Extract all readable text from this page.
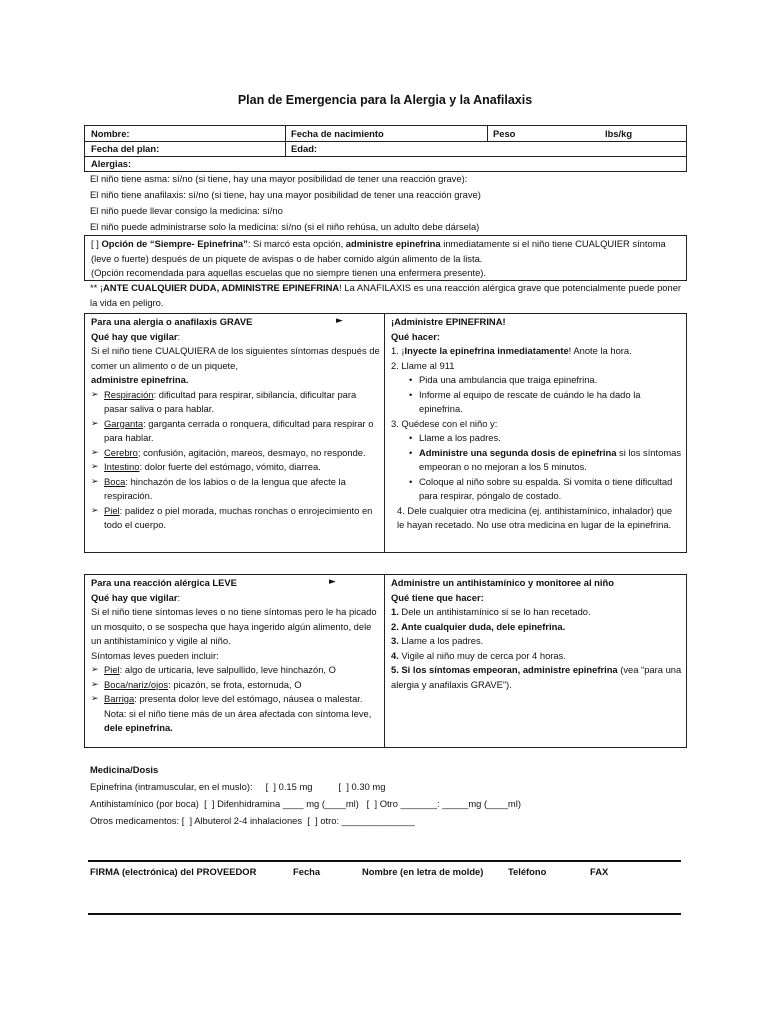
Plan de Emergencia para la Alergia y la Anafilaxis
Nombre:	Fecha de nacimiento	Peso	lbs/kg
Fecha del plan:	Edad:
Alergias:
El niño tiene asma: sí/no (si tiene, hay una mayor posibilidad de tener una reacción grave):
El niño tiene anafilaxis: sí/no (si tiene, hay una mayor posibilidad de tener una reacción grave)
El niño puede llevar consigo la medicina: sí/no
El niño puede administrarse solo la medicina: sí/no (si el niño rehúsa, un adulto debe dársela)
[ ] Opción de “Siempre- Epinefrina”: Si marcó esta opción, administre epinefrina inmediatamente si el niño tiene CUALQUIER síntoma (leve o fuerte) después de un piquete de avispas o de haber comido algún alimento de la lista.
(Opción recomendada para aquellas escuelas que no siempre tienen una enfermera presente).
** ¡ANTE CUALQUIER DUDA, ADMINISTRE EPINEFRINA! La ANAFILAXIS es una reacción alérgica grave que potencialmente puede poner la vida en peligro.

Para una alergia o anafilaxis GRAVE

Qué hay que vigilar:

Si el niño tiene CUALQUIERA de los siguientes síntomas después de comer un alimento o de un piquete,

administre epinefrina.

➢ Respiración: dificultad para respirar, sibilancia, dificultar para pasar saliva o para hablar.
➢ Garganta: garganta cerrada o ronquera, dificultad para respirar o para hablar.
➢ Cerebro; confusión, agitación, mareos, desmayo, no responde.
➢ Intestino: dolor fuerte del estómago, vómito, diarrea.
➢ Boca: hinchazón de los labios o de la lengua que afecte la respiración.
➢ Piel: palidez o piel morada, muchas ronchas o enrojecimiento en todo el cuerpo.
►	¡Administre EPINEFRINA!

Qué hacer:

1. ¡Inyecte la epinefrina inmediatamente! Anote la hora.

2. Llame al 911

• Pida una ambulancia que traiga epinefrina.
• Informe al equipo de rescate de cuándo le ha dado la epinefrina.

3. Quédese con el niño y:

• Llame a los padres.
• Administre una segunda dosis de epinefrina si los síntomas empeoran o no mejoran a los 5 minutos.
• Coloque al niño sobre su espalda. Si vomita o tiene dificultad para respirar, póngalo de costado.

4. Dele cualquier otra medicina (ej. antihistamínico, inhalador) que le hayan recetado. No use otra medicina en lugar de la epinefrina.

Para una reacción alérgica LEVE

Qué hay que vigilar:

Si el niño tiene síntomas leves o no tiene síntomas pero le ha picado un mosquito, o se sospecha que haya ingerido algún alimento, dele un antihistamínico y vigile al niño.

Síntomas leves pueden incluir:

➢ Piel: algo de urticaria, leve salpullido, leve hinchazón, O
➢ Boca/nariz/ojos: picazón, se frota, estornuda, O
➢ Barriga: presenta dolor leve del estómago, náusea o malestar.

Nota: si el niño tiene más de un área afectada con síntoma leve, dele epinefrina.

►	Administre un antihistamínico y monitoree al niño

Qué tiene que hacer:

1. Dele un antihistamínico si se lo han recetado.

2. Ante cualquier duda, dele epinefrina.

3. Llame a los padres.

4. Vigile al niño muy de cerca por 4 horas.

5. Si los síntomas empeoran, administre epinefrina (vea “para una alergia y anafilaxis GRAVE”).

Medicina/Dosis
Epinefrina (intramuscular, en el muslo):     [  ] 0.15 mg          [  ] 0.30 mg
Antihistamínico (por boca)  [  ] Difenhidramina ____ mg (____ml)   [  ] Otro _______: _____mg (____ml)
Otros medicamentos: [  ] Albuterol 2-4 inhalaciones  [  ] otro: ______________
FIRMA (electrónica) del PROVEEDOR	Fecha	Nombre (en letra de molde)	Teléfono	FAX
